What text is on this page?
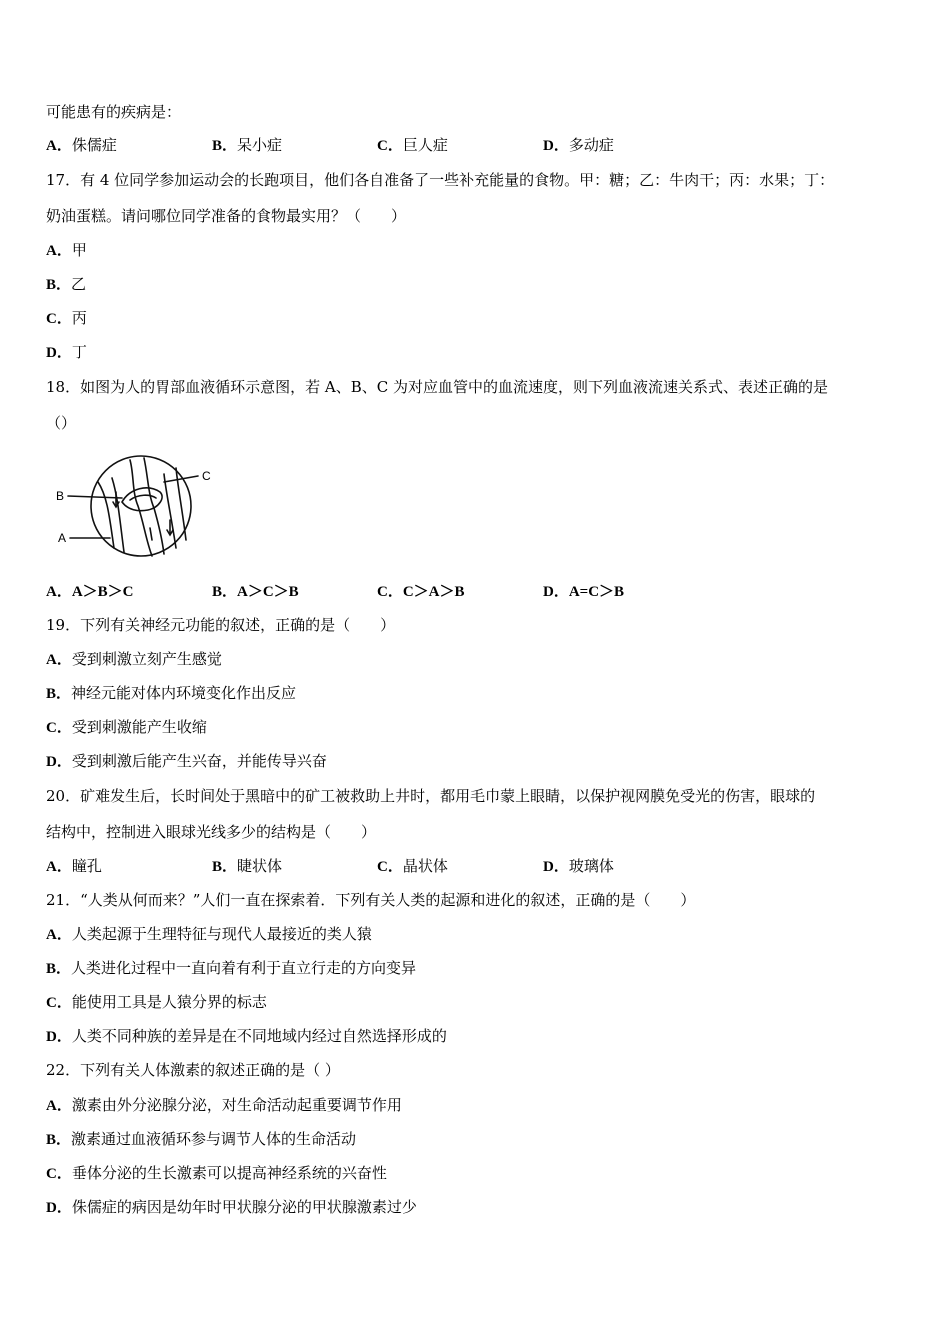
可能患有的疾病是：
A．侏儒症	B．呆小症	C．巨人症	D．多动症
17．有 4 位同学参加运动会的长跑项目，他们各自准备了一些补充能量的食物。甲：糖；乙：牛肉干；丙：水果；丁：
奶油蛋糕。请问哪位同学准备的食物最实用？（　　）
A．甲
B．乙
C．丙
D．丁
18．如图为人的胃部血液循环示意图，若 A、B、C 为对应血管中的血流速度，则下列血液流速关系式、表述正确的是
（）
B
A
C
A．A＞B＞C	B．A＞C＞B	C．C＞A＞B	D．A=C＞B
19．下列有关神经元功能的叙述，正确的是（　　）
A．受到刺激立刻产生感觉
B．神经元能对体内环境变化作出反应
C．受到刺激能产生收缩
D．受到刺激后能产生兴奋，并能传导兴奋
20．矿难发生后，长时间处于黑暗中的矿工被救助上井时，都用毛巾蒙上眼睛，以保护视网膜免受光的伤害，眼球的
结构中，控制进入眼球光线多少的结构是（　　）
A．瞳孔	B．睫状体	C．晶状体	D．玻璃体
21．“人类从何而来？”人们一直在探索着．下列有关人类的起源和进化的叙述，正确的是（　　）
A．人类起源于生理特征与现代人最接近的类人猿
B．人类进化过程中一直向着有利于直立行走的方向变异
C．能使用工具是人猿分界的标志
D．人类不同种族的差异是在不同地域内经过自然选择形成的
22．下列有关人体激素的叙述正确的是（ ）
A．激素由外分泌腺分泌，对生命活动起重要调节作用
B．激素通过血液循环参与调节人体的生命活动
C．垂体分泌的生长激素可以提高神经系统的兴奋性
D．侏儒症的病因是幼年时甲状腺分泌的甲状腺激素过少
